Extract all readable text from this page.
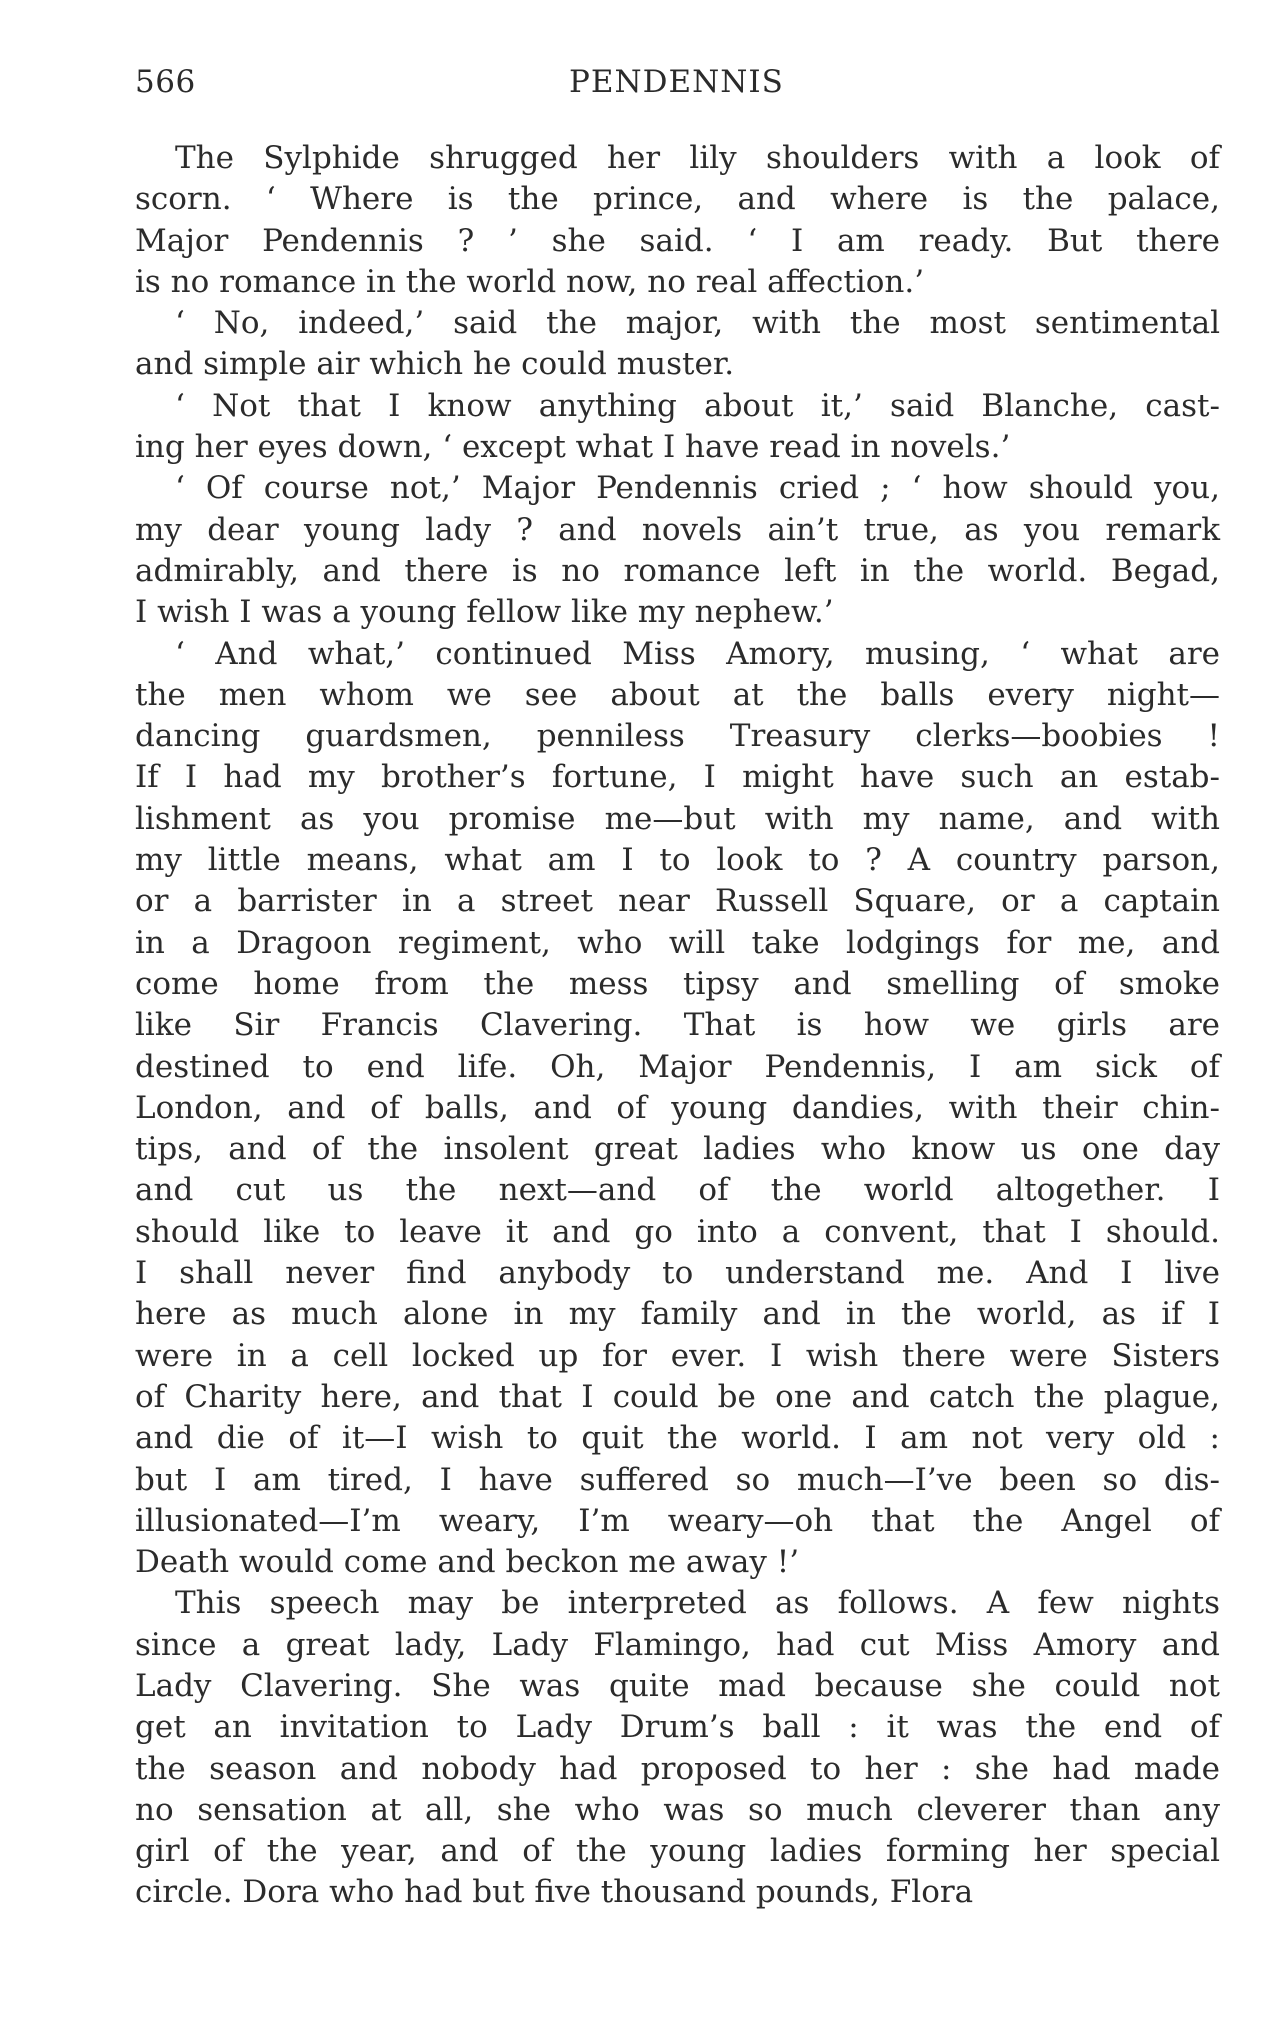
566	PENDENNIS
The Sylphide shrugged her lily shoulders with a look of
scorn. ‘ Where is the prince, and where is the palace,
Major Pendennis ? ’ she said. ‘ I am ready. But there
is no romance in the world now, no real affection.’
‘ No, indeed,’ said the major, with the most sentimental
and simple air which he could muster.
‘ Not that I know anything about it,’ said Blanche, cast-
ing her eyes down, ‘ except what I have read in novels.’
‘ Of course not,’ Major Pendennis cried ; ‘ how should you,
my dear young lady ? and novels ain’t true, as you remark
admirably, and there is no romance left in the world. Begad,
I wish I was a young fellow like my nephew.’
‘ And what,’ continued Miss Amory, musing, ‘ what are
the men whom we see about at the balls every night—
dancing guardsmen, penniless Treasury clerks—boobies !
If I had my brother’s fortune, I might have such an estab-
lishment as you promise me—but with my name, and with
my little means, what am I to look to ? A country parson,
or a barrister in a street near Russell Square, or a captain
in a Dragoon regiment, who will take lodgings for me, and
come home from the mess tipsy and smelling of smoke
like Sir Francis Clavering. That is how we girls are
destined to end life. Oh, Major Pendennis, I am sick of
London, and of balls, and of young dandies, with their chin-
tips, and of the insolent great ladies who know us one day
and cut us the next—and of the world altogether. I
should like to leave it and go into a convent, that I should.
I shall never find anybody to understand me. And I live
here as much alone in my family and in the world, as if I
were in a cell locked up for ever. I wish there were Sisters
of Charity here, and that I could be one and catch the plague,
and die of it—I wish to quit the world. I am not very old :
but I am tired, I have suffered so much—I’ve been so dis-
illusionated—I’m weary, I’m weary—oh that the Angel of
Death would come and beckon me away !’
This speech may be interpreted as follows. A few nights
since a great lady, Lady Flamingo, had cut Miss Amory and
Lady Clavering. She was quite mad because she could not
get an invitation to Lady Drum’s ball : it was the end of
the season and nobody had proposed to her : she had made
no sensation at all, she who was so much cleverer than any
girl of the year, and of the young ladies forming her special
circle. Dora who had but five thousand pounds, Flora
